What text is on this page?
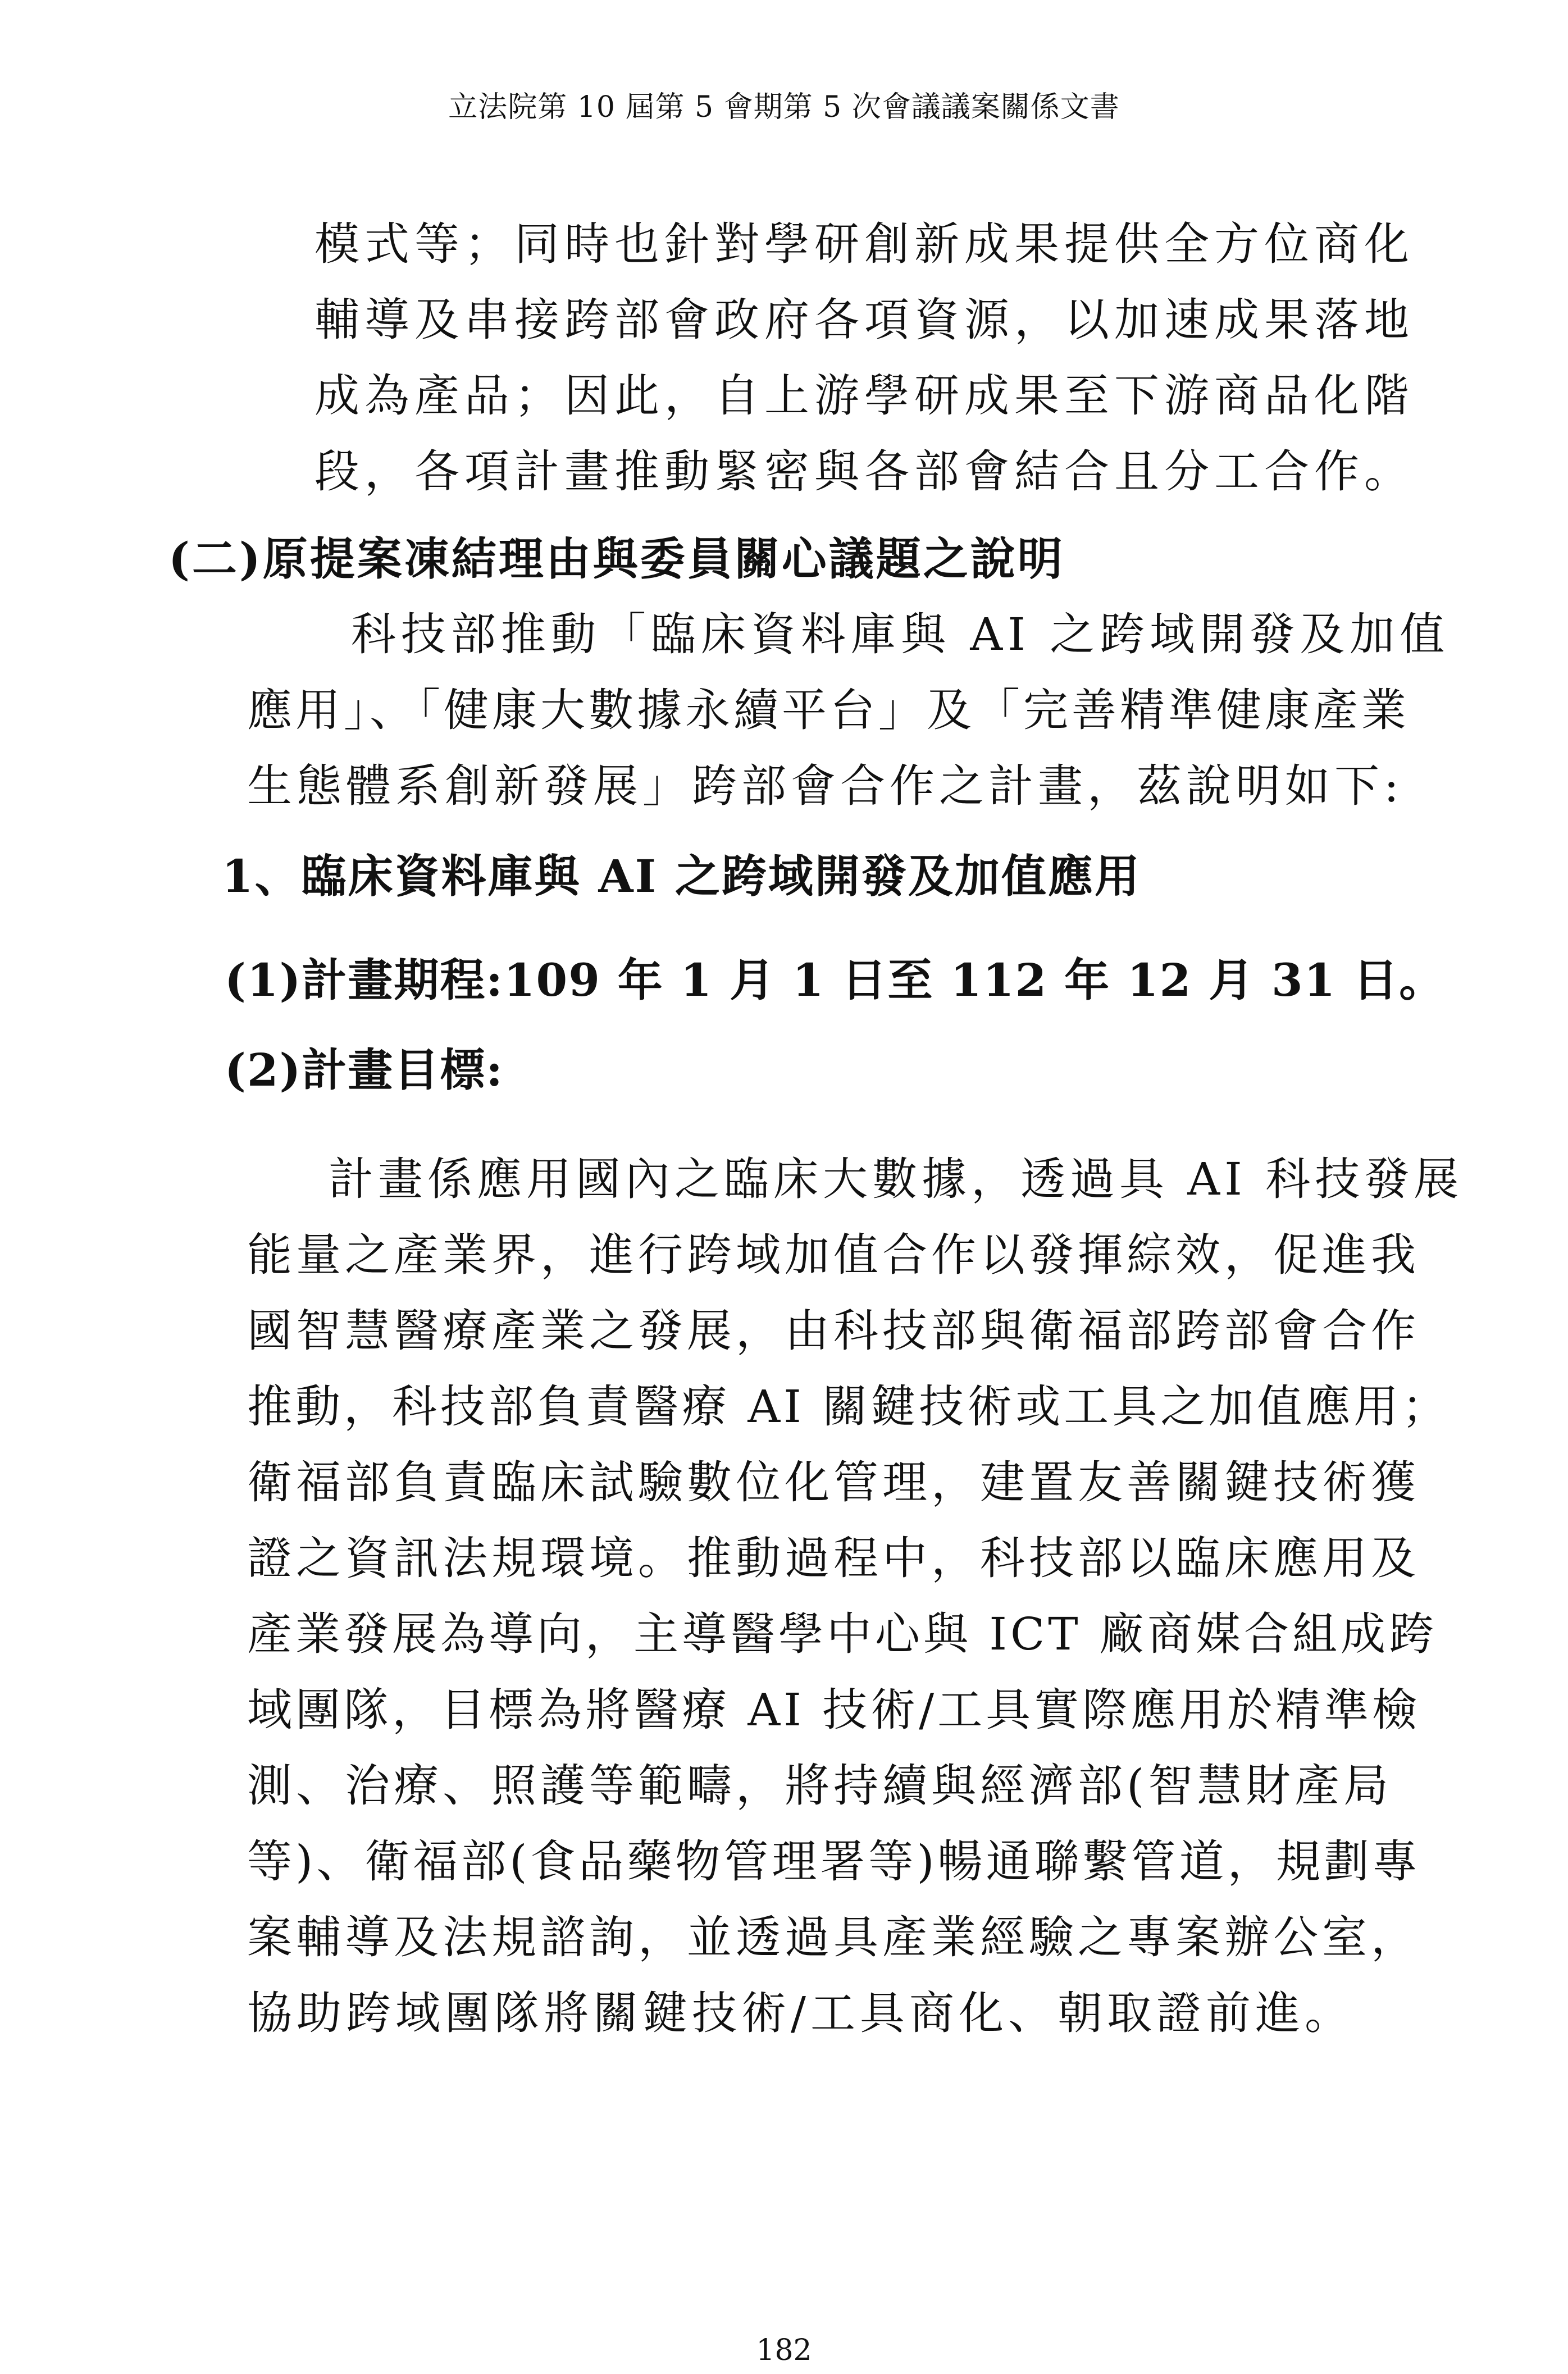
立法院第 10 屆第 5 會期第 5 次會議議案關係文書
模式等；同時也針對學研創新成果提供全方位商化
輔導及串接跨部會政府各項資源，以加速成果落地
成為產品；因此，自上游學研成果至下游商品化階
段，各項計畫推動緊密與各部會結合且分工合作。
(二)原提案凍結理由與委員關心議題之說明
科技部推動「臨床資料庫與 AI 之跨域開發及加值
應用」、「健康大數據永續平台」及「完善精準健康產業
生態體系創新發展」跨部會合作之計畫，茲說明如下:
1、臨床資料庫與 AI 之跨域開發及加值應用
(1)計畫期程:109 年 1 月 1 日至 112 年 12 月 31 日。
(2)計畫目標:
計畫係應用國內之臨床大數據，透過具 AI 科技發展
能量之產業界，進行跨域加值合作以發揮綜效，促進我
國智慧醫療產業之發展，由科技部與衛福部跨部會合作
推動，科技部負責醫療 AI 關鍵技術或工具之加值應用；
衛福部負責臨床試驗數位化管理，建置友善關鍵技術獲
證之資訊法規環境。推動過程中，科技部以臨床應用及
產業發展為導向，主導醫學中心與 ICT 廠商媒合組成跨
域團隊，目標為將醫療 AI 技術/工具實際應用於精準檢
測、治療、照護等範疇，將持續與經濟部(智慧財產局
等)、衛福部(食品藥物管理署等)暢通聯繫管道，規劃專
案輔導及法規諮詢，並透過具產業經驗之專案辦公室，
協助跨域團隊將關鍵技術/工具商化、朝取證前進。
182
